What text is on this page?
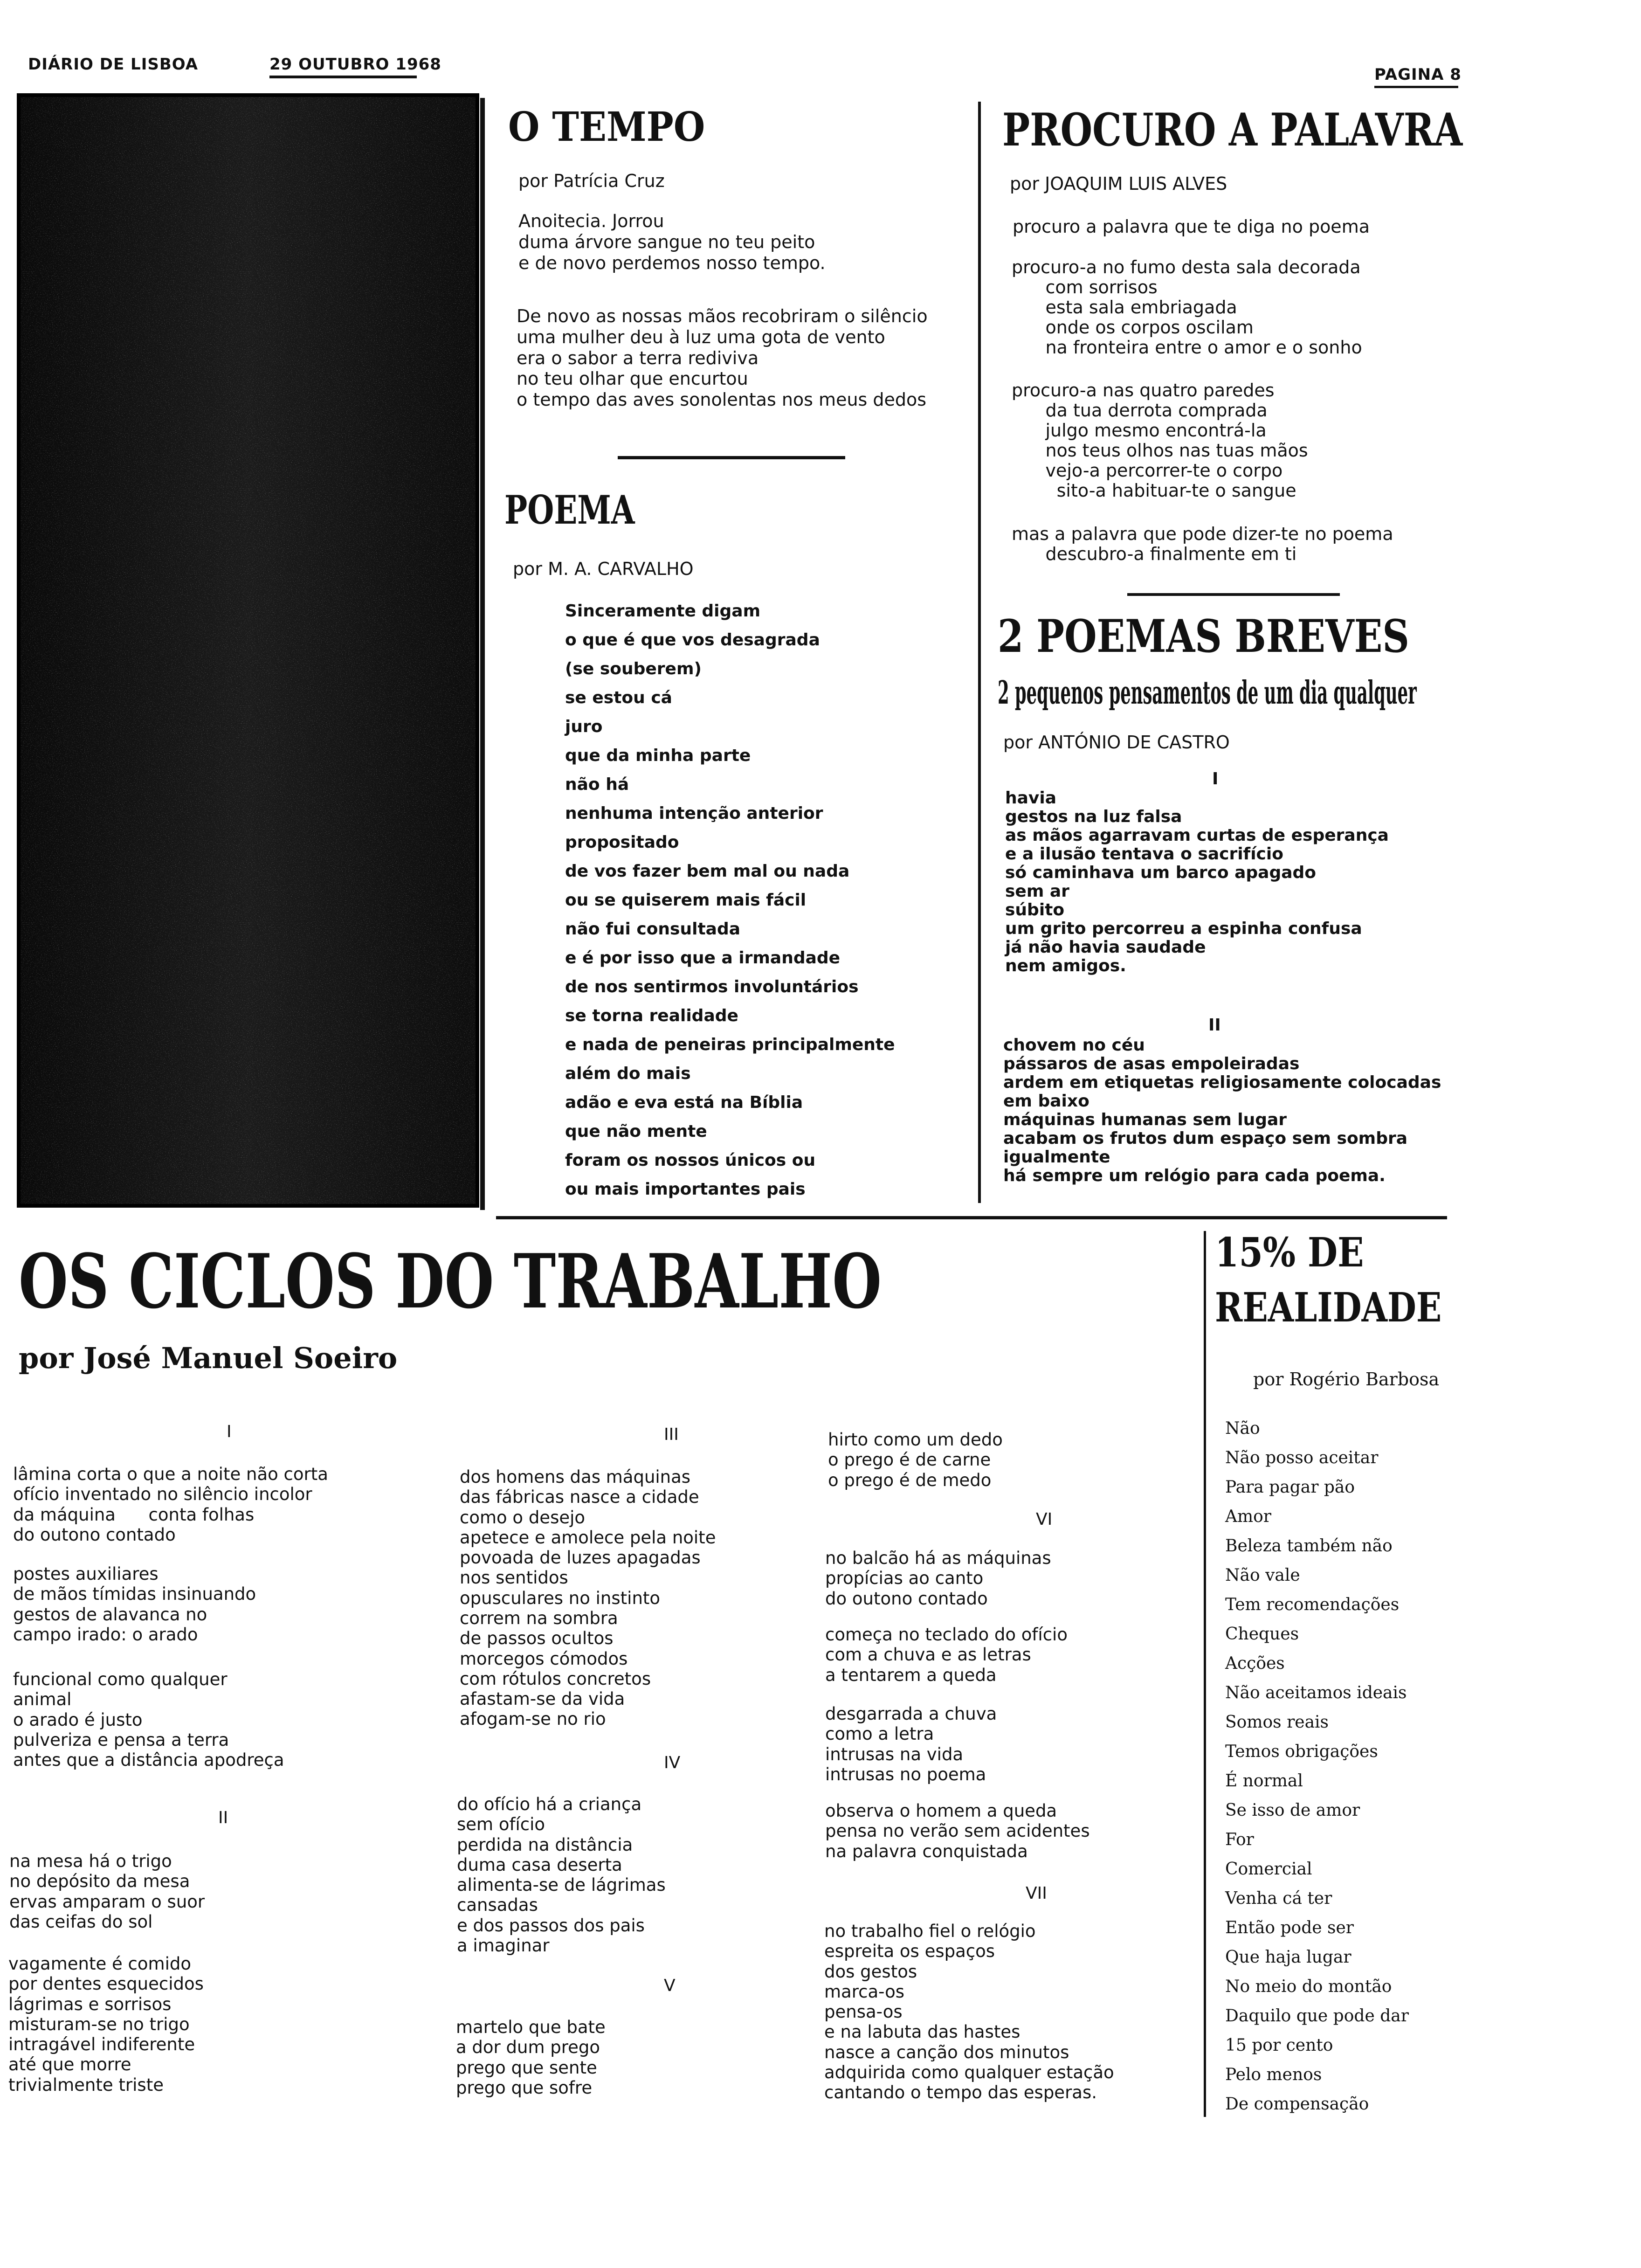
DIÁRIO DE LISBOA	29 OUTUBRO 1968
PAGINA 8
O TEMPO
por Patrícia Cruz
Anoitecia. Jorrou
duma árvore sangue no teu peito
e de novo perdemos nosso tempo.
De novo as nossas mãos recobriram o silêncio
uma mulher deu à luz uma gota de vento
era o sabor a terra rediviva
no teu olhar que encurtou
o tempo das aves sonolentas nos meus dedos
POEMA
por M. A. CARVALHO
Sinceramente digam
o que é que vos desagrada
(se souberem)
se estou cá
juro
que da minha parte
não há
nenhuma intenção anterior
propositado
de vos fazer bem mal ou nada
ou se quiserem mais fácil
não fui consultada
e é por isso que a irmandade
de nos sentirmos involuntários
se torna realidade
e nada de peneiras principalmente
além do mais
adão e eva está na Bíblia
que não mente
foram os nossos únicos ou
ou mais importantes pais
PROCURO A PALAVRA
por JOAQUIM LUIS ALVES
procuro a palavra que te diga no poema
procuro-a no fumo desta sala decorada
com sorrisos
esta sala embriagada
onde os corpos oscilam
na fronteira entre o amor e o sonho
procuro-a nas quatro paredes
da tua derrota comprada
julgo mesmo encontrá-la
nos teus olhos nas tuas mãos
vejo-a percorrer-te o corpo
sito-a habituar-te o sangue
mas a palavra que pode dizer-te no poema
descubro-a finalmente em ti
2 POEMAS BREVES
2 pequenos pensamentos de um dia qualquer
por ANTÓNIO DE CASTRO
I
havia
gestos na luz falsa
as mãos agarravam curtas de esperança
e a ilusão tentava o sacrifício
só caminhava um barco apagado
sem ar
súbito
um grito percorreu a espinha confusa
já não havia saudade
nem amigos.
II
chovem no céu
pássaros de asas empoleiradas
ardem em etiquetas religiosamente colocadas
em baixo
máquinas humanas sem lugar
acabam os frutos dum espaço sem sombra
igualmente
há sempre um relógio para cada poema.
OS CICLOS DO TRABALHO
por José Manuel Soeiro
I
lâmina corta o que a noite não corta
ofício inventado no silêncio incolor
da máquina      conta folhas
do outono contado
postes auxiliares
de mãos tímidas insinuando
gestos de alavanca no
campo irado: o arado
funcional como qualquer
animal
o arado é justo
pulveriza e pensa a terra
antes que a distância apodreça
II
na mesa há o trigo
no depósito da mesa
ervas amparam o suor
das ceifas do sol
vagamente é comido
por dentes esquecidos
lágrimas e sorrisos
misturam-se no trigo
intragável indiferente
até que morre
trivialmente triste
III
dos homens das máquinas
das fábricas nasce a cidade
como o desejo
apetece e amolece pela noite
povoada de luzes apagadas
nos sentidos
opusculares no instinto
correm na sombra
de passos ocultos
morcegos cómodos
com rótulos concretos
afastam-se da vida
afogam-se no rio
IV
do ofício há a criança
sem ofício
perdida na distância
duma casa deserta
alimenta-se de lágrimas
cansadas
e dos passos dos pais
a imaginar
V
martelo que bate
a dor dum prego
prego que sente
prego que sofre
hirto como um dedo
o prego é de carne
o prego é de medo
VI
no balcão há as máquinas
propícias ao canto
do outono contado
começa no teclado do ofício
com a chuva e as letras
a tentarem a queda
desgarrada a chuva
como a letra
intrusas na vida
intrusas no poema
observa o homem a queda
pensa no verão sem acidentes
na palavra conquistada
VII
no trabalho fiel o relógio
espreita os espaços
dos gestos
marca-os
pensa-os
e na labuta das hastes
nasce a canção dos minutos
adquirida como qualquer estação
cantando o tempo das esperas.
15% DE
REALIDADE
por Rogério Barbosa
Não
Não posso aceitar
Para pagar pão
Amor
Beleza também não
Não vale
Tem recomendações
Cheques
Acções
Não aceitamos ideais
Somos reais
Temos obrigações
É normal
Se isso de amor
For
Comercial
Venha cá ter
Então pode ser
Que haja lugar
No meio do montão
Daquilo que pode dar
15 por cento
Pelo menos
De compensação
